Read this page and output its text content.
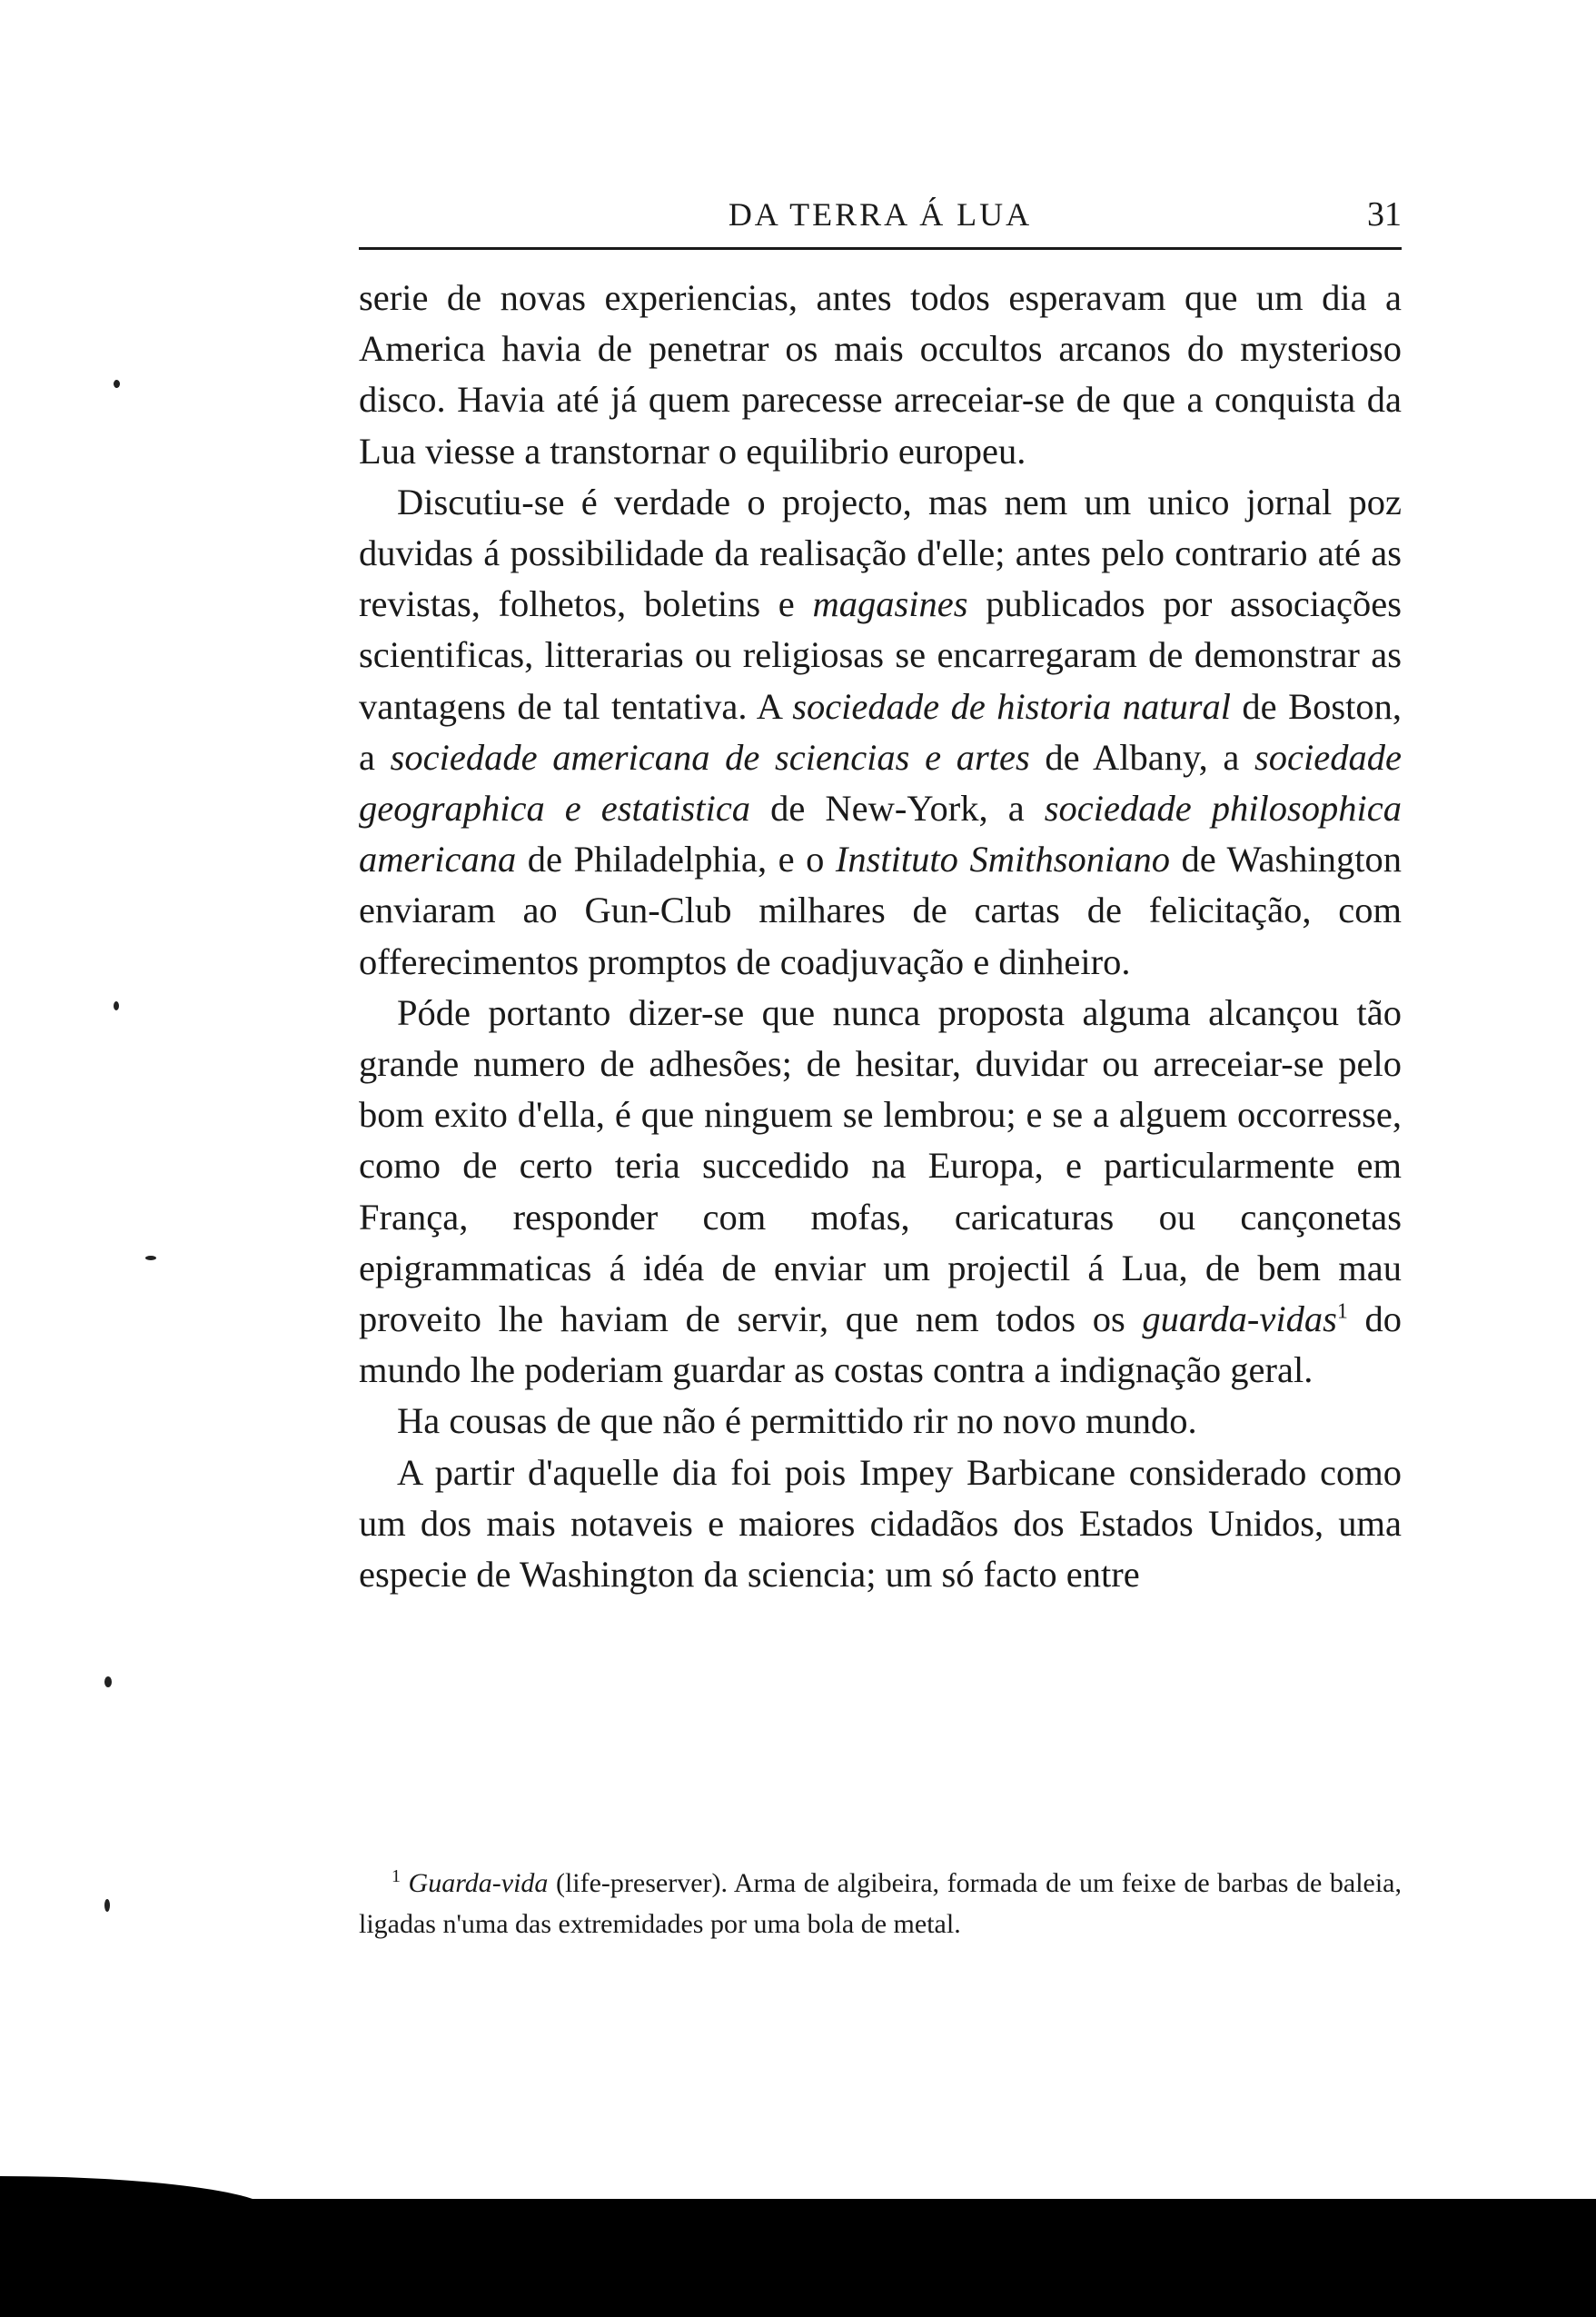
DA TERRA Á LUA	31

serie de novas experiencias, antes todos esperavam que um dia a America havia de penetrar os mais occultos arcanos do mysterioso disco. Havia até já quem parecesse arreceiar-se de que a conquista da Lua viesse a transtornar o equilibrio europeu.

Discutiu-se é verdade o projecto, mas nem um unico jornal poz duvidas á possibilidade da realisação d'elle; antes pelo contrario até as revistas, folhetos, boletins e magasines publicados por associações scientificas, litterarias ou religiosas se encarregaram de demonstrar as vantagens de tal tentativa. A sociedade de historia natural de Boston, a sociedade americana de sciencias e artes de Albany, a sociedade geographica e estatistica de New-York, a sociedade philosophica americana de Philadelphia, e o Instituto Smithsoniano de Washington enviaram ao Gun-Club milhares de cartas de felicitação, com offerecimentos promptos de coadjuvação e dinheiro.

Póde portanto dizer-se que nunca proposta alguma alcançou tão grande numero de adhesões; de hesitar, duvidar ou arreceiar-se pelo bom exito d'ella, é que ninguem se lembrou; e se a alguem occorresse, como de certo teria succedido na Europa, e particularmente em França, responder com mofas, caricaturas ou cançonetas epigrammaticas á idéa de enviar um projectil á Lua, de bem mau proveito lhe haviam de servir, que nem todos os guarda-vidas$^1$ do mundo lhe poderiam guardar as costas contra a indignação geral.

Ha cousas de que não é permittido rir no novo mundo.

A partir d'aquelle dia foi pois Impey Barbicane considerado como um dos mais notaveis e maiores cidadãos dos Estados Unidos, uma especie de Washington da sciencia; um só facto entre

$^1$ Guarda-vida (life-preserver). Arma de algibeira, formada de um feixe de barbas de baleia, ligadas n'uma das extremidades por uma bola de metal.
